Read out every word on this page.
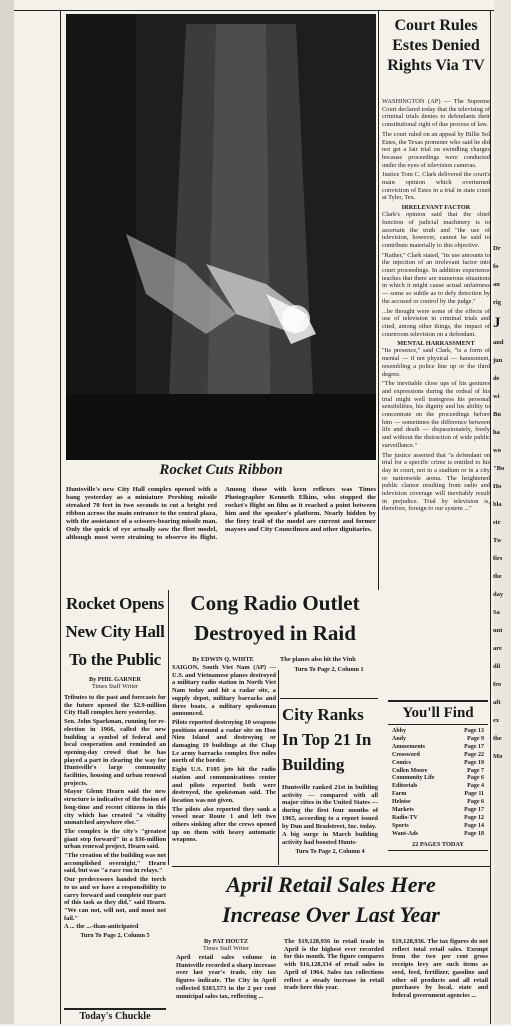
Rocket Cuts Ribbon
Huntsville's new City Hall complex opened with a bang yesterday as a miniature Pershing missile streaked 70 feet in two seconds to cut a bright red ribbon across the main entrance to the central plaza, with the assistance of a scissors-bearing missile man. Only the quick of eye actually saw the fleet model, although most were straining to observe its flight. Among those with keen reflexes was Times Photographer Kenneth Elkins, who stopped the rocket's flight on film as it reached a point between him and the speaker's platform. Nearly hidden by the fiery trail of the model are current and former mayors and City Councilmen and other dignitaries.
Court Rules Estes Denied Rights Via TV

WASHINGTON (AP) — The Supreme Court declared today that the televising of criminal trials denies to defendants their constitutional right of due process of law.

The court ruled on an appeal by Billie Sol Estes, the Texas promoter who said he did not get a fair trial on swindling charges because proceedings were conducted under the eyes of television cameras.

Justice Tom C. Clark delivered the court's main opinion which overturned conviction of Estes in a trial in state court at Tyler, Tex.

IRRELEVANT FACTOR

Clark's opinion said that the chief function of judicial machinery is to ascertain the truth and "the use of television, however, cannot be said to contribute materially to this objective.

"Rather," Clark stated, "its use amounts to the injection of an irrelevant factor into court proceedings. In addition experience teaches that there are numerous situations in which it might cause actual unfairness — some so subtle as to defy detection by the accused or control by the judge."

...be thought were some of the effects of use of television in criminal trials and cited, among other things, the impact of courtroom television on a defendant.

MENTAL HARRASSMENT

"Its presence," said Clark, "is a form of mental — if not physical — harassment, resembling a police line up or the third degree.

"The inevitable close ups of his gestures and expressions during the ordeal of his trial might well transgress his personal sensibilities, his dignity and his ability to concentrate on the proceedings before him — sometimes the difference between life and death — dispassionately, freely and without the distraction of wide public surveillance."

The justice asserted that "a defendant on trial for a specific crime is entitled to his day in court, not in a stadium or in a city or nationwide arena. The heightened public clamor resulting from radio and television coverage will inevitably result in prejudice. Trial by television is, therefore, foreign to our system ..."

Rocket Opens New City Hall To the Public
By PHIL GARNER
Times Staff Writer

Tributes to the past and forecasts for the future opened the $2.9-million City Hall complex here yesterday.

Sen. John Sparkman, running for re-election in 1966, called the new building a symbol of federal and local cooperation and reminded an opening-day crowd that he has played a part in clearing the way for Huntsville's large community facilities, housing and urban renewal projects.

Mayor Glenn Hearn said the new structure is indicative of the fusion of long-time and recent citizens in this city which has created "a vitality unmatched anywhere else."

The complex is the city's "greatest giant step forward" in a $36-million urban renewal project, Hearn said.

"The creation of the building was not accomplished overnight," Hearn said, but was "a race run in relays."

Our predecessors handed the torch to us and we have a responsibility to carry forward and complete our part of this task as they did," said Hearn. "We can not, will not, and must not fail."

A ... the ...-than-anticipated

Turn To Page 2, Column 5
Cong Radio Outlet Destroyed in Raid
By EDWIN Q. WHITE

SAIGON, South Viet Nam (AP) — U.S. and Vietnamese planes destroyed a military radio station in North Viet Nam today and hit a radar site, a supply depot, military barracks and three boats, a military spokesman announced.

Pilots reported destroying 10 weapons positions around a radar site on Hon Nieu Island and destroying or damaging 19 buildings at the Chap Le army barracks complex five miles north of the border.

Eight U.S. F105 jets hit the radio station and communications center and pilots reported both were destroyed, the spokesman said. The location was not given.

The pilots also reported they sank a vessel near Route 1 and left two others sinking after the crews opened up on them with heavy automatic weapons.

The planes also hit the Vinh

Turn To Page 2, Column 1
City Ranks In Top 21 In Building

Huntsville ranked 21st in building activity — compared with all major cities in the United States — during the first four months of 1965, according to a report issued by Dun and Bradstreet, Inc. today.

A big surge in March building activity had boosted Hunts-

Turn To Page 2, Column 4
You'll Find
Abby	Page 13
Andy	Page 9
Amusements	Page 17
Crossword	Page 22
Comics	Page 19
Cullen Moore	Page 7
Community Life	Page 6
Editorials	Page 4
Farm	Page 11
Heloise	Page 6
Markets	Page 17
Radio-TV	Page 12
Sports	Page 14
Want-Ads	Page 18
22 PAGES TODAY
April Retail Sales Here
Increase Over Last Year
By PAT HOUTZ
Times Staff Writer
April retail sales volume in Huntsville recorded a sharp increase over last year's trade, city tax figures indicate. The City in April collected $383,573 in the 2 per cent municipal sales tax, reflecting ...
The $19,128,936 in retail trade in April is the highest ever recorded for this month. The figure compares with $16,128,334 of retail sales in April of 1964. Sales tax collections reflect a steady increase in retail trade here this year.
$19,128,936. The tax figures do not reflect total retail sales. Exempt from the two per cent gross receipts levy are such items as seed, feed, fertilizer, gasoline and other oil products and all retail purchases by local, state and federal government agencies ...
Today's Chuckle
Dr
fo
an
rig
J
and
jun
de
wi
Bu
ha
wo
"Bo
Ho
bla
str
Tw
firs
the
day
Sa
unt
are
dil
fro
aft
ex
the
Mo
